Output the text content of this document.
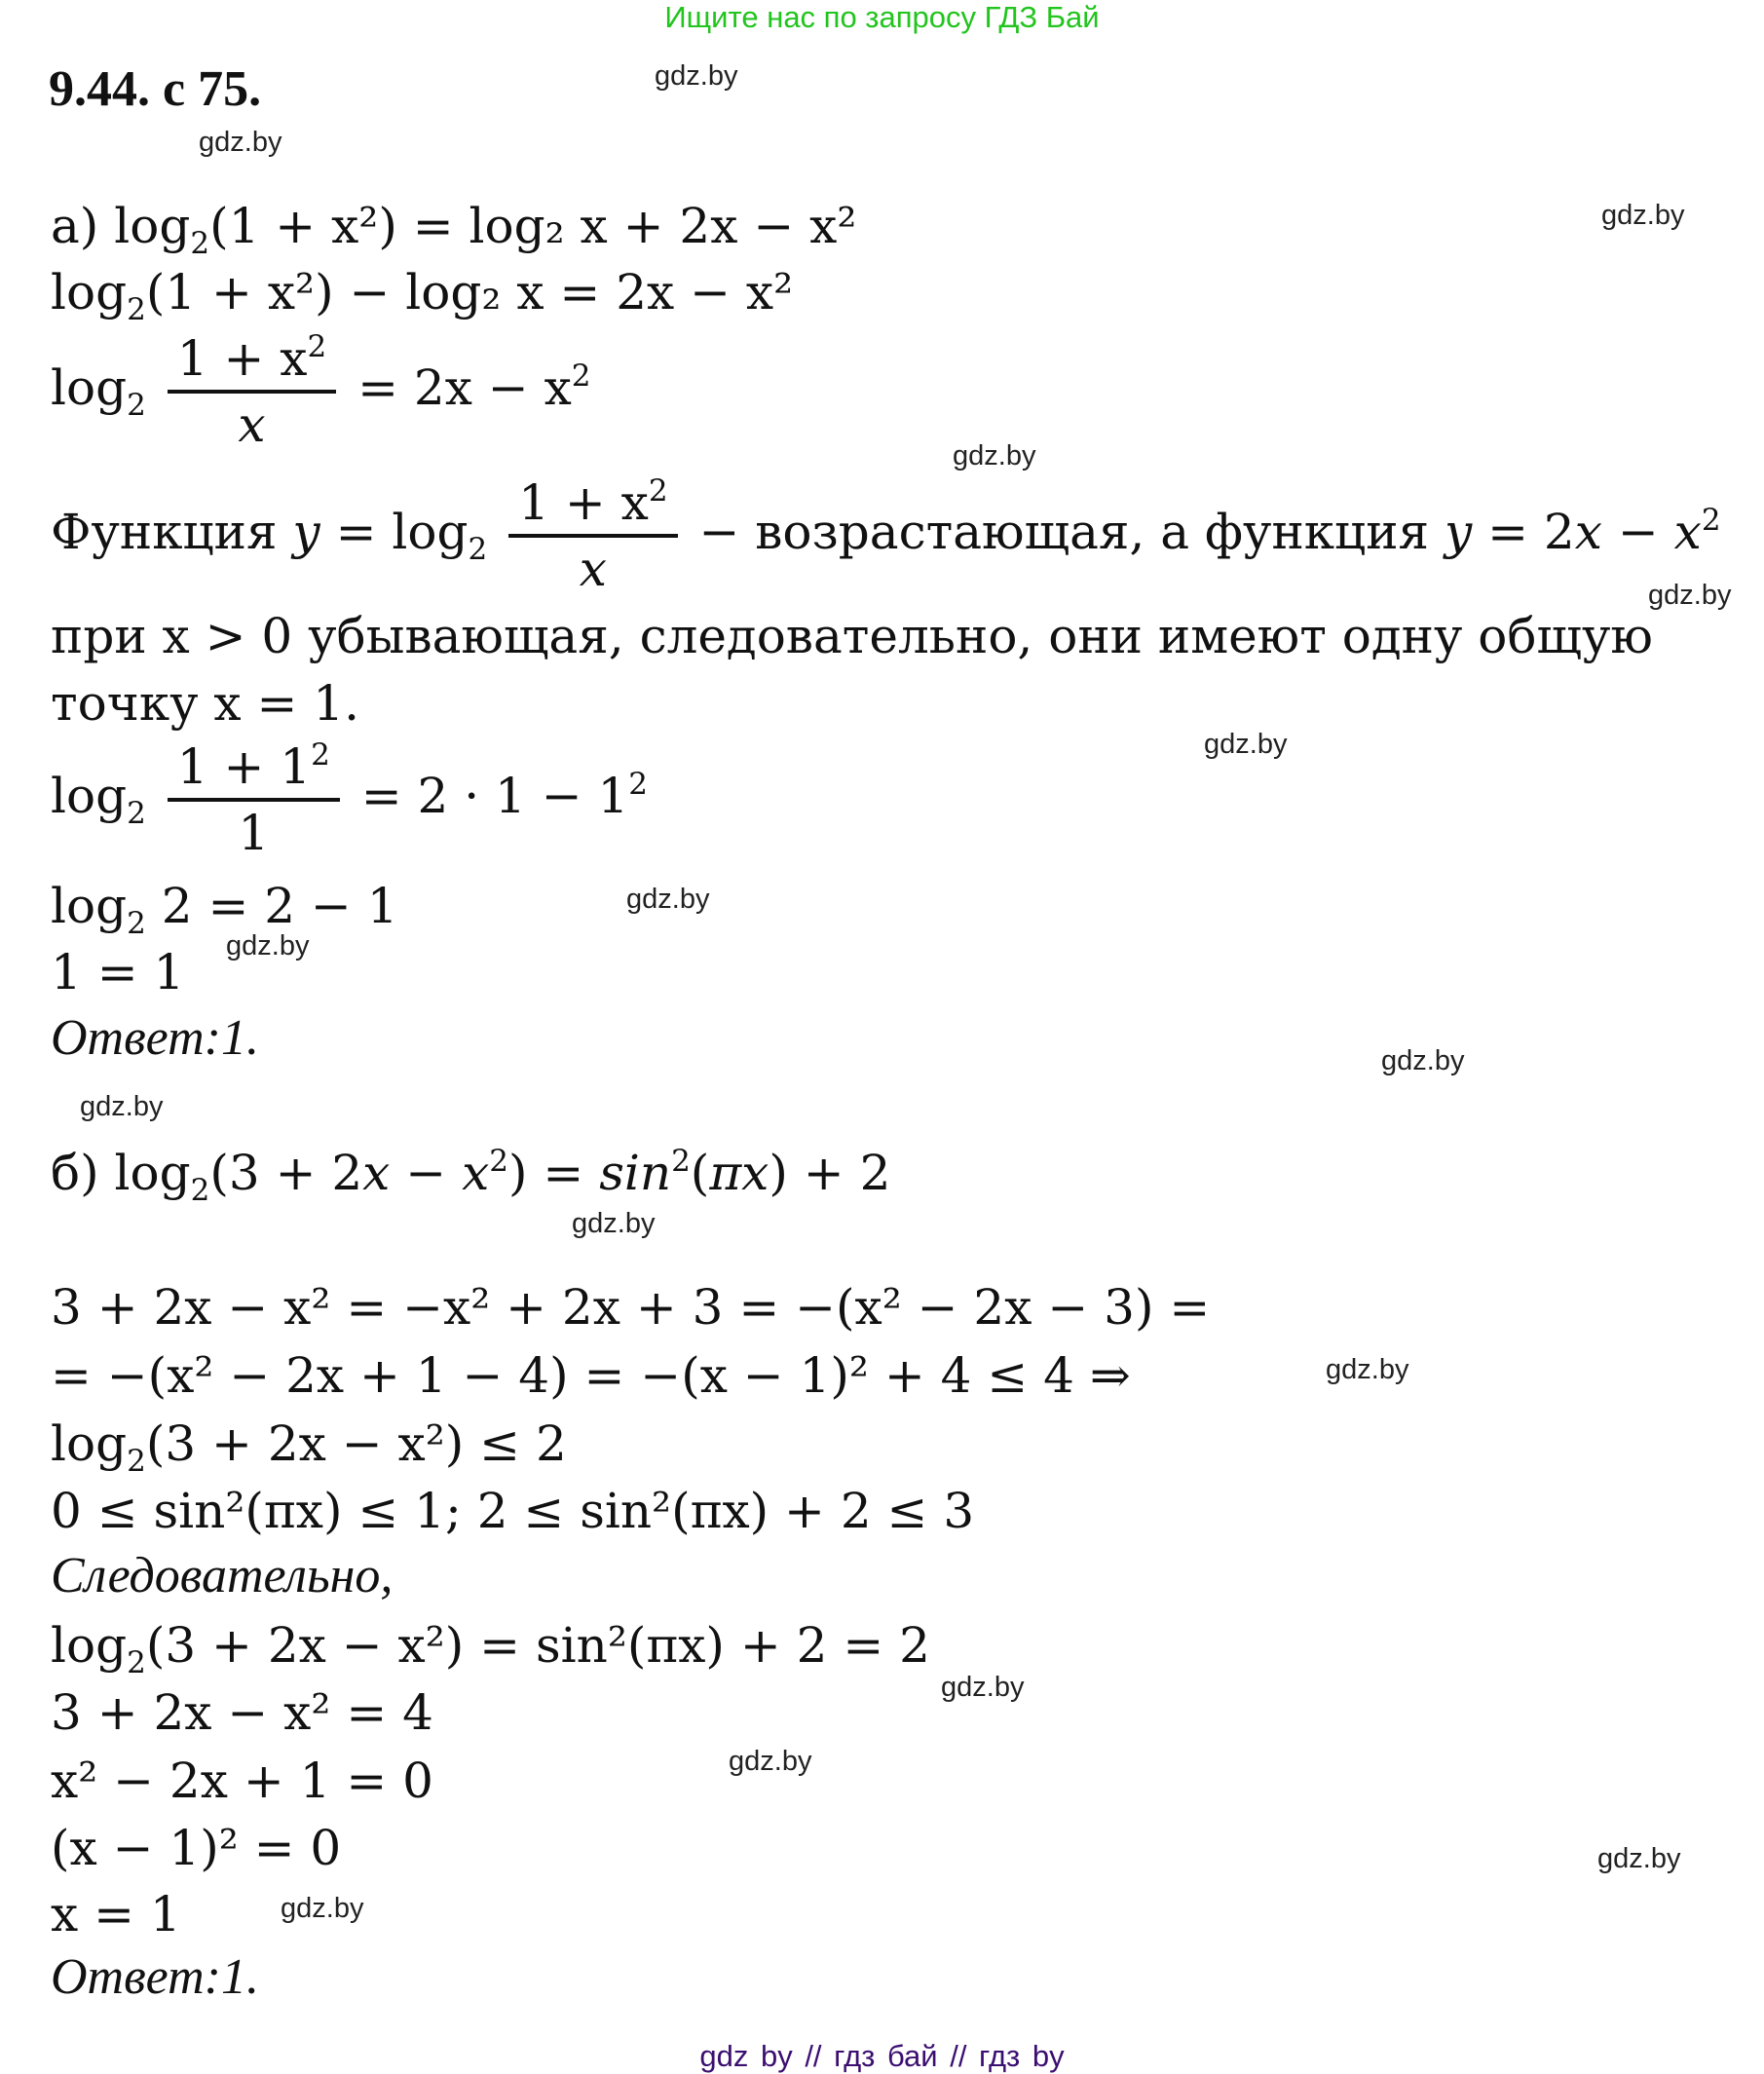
Ищите нас по запросу ГДЗ Бай
9.44. с 75.	gdz.by
gdz.by
gdz.by
gdz.by
gdz.by
gdz.by
gdz.by
gdz.by
gdz.by
gdz.by
gdz.by
gdz.by
gdz.by
gdz.by
gdz.by
gdz.by
а) $\log_2(1 + x^2) = \log_2$ x + 2x − x²
$\log_2(1 + x^2) - \log_2$ x = 2x − x²
$\log_2 \frac{1 + x^2}{x} = 2x - x^2$
Функция $y = \log_2 \frac{1 + x^2}{x}$ − возрастающая, а функция $y = 2x - x^2$
при x > 0 убывающая, следовательно, они имеют одну общую
точку x = 1.
$\log_2 \frac{1 + 1^2}{1} = 2 \cdot 1 - 1^2$
$\log_2 2 = 2 - 1$
1 = 1
Ответ:1.
б) $\log_2(3 + 2x - x^2) = \sin^2(\pi x) + 2$
3 + 2x − x² = −x² + 2x + 3 = −(x² − 2x − 3) =
= −(x² − 2x + 1 − 4) = −(x − 1)² + 4 ≤ 4 ⇒
$\log_2(3 + 2x - x^2) \le 2$
0 ≤ sin²(πx) ≤ 1; 2 ≤ sin²(πx) + 2 ≤ 3
Следовательно,
$\log_2(3 + 2x - x^2) = \sin^2(\pi x) + 2 = 2$
3 + 2x − x² = 4
x² − 2x + 1 = 0
(x − 1)² = 0
x = 1
Ответ:1.
gdz by // гдз бай // гдз by
